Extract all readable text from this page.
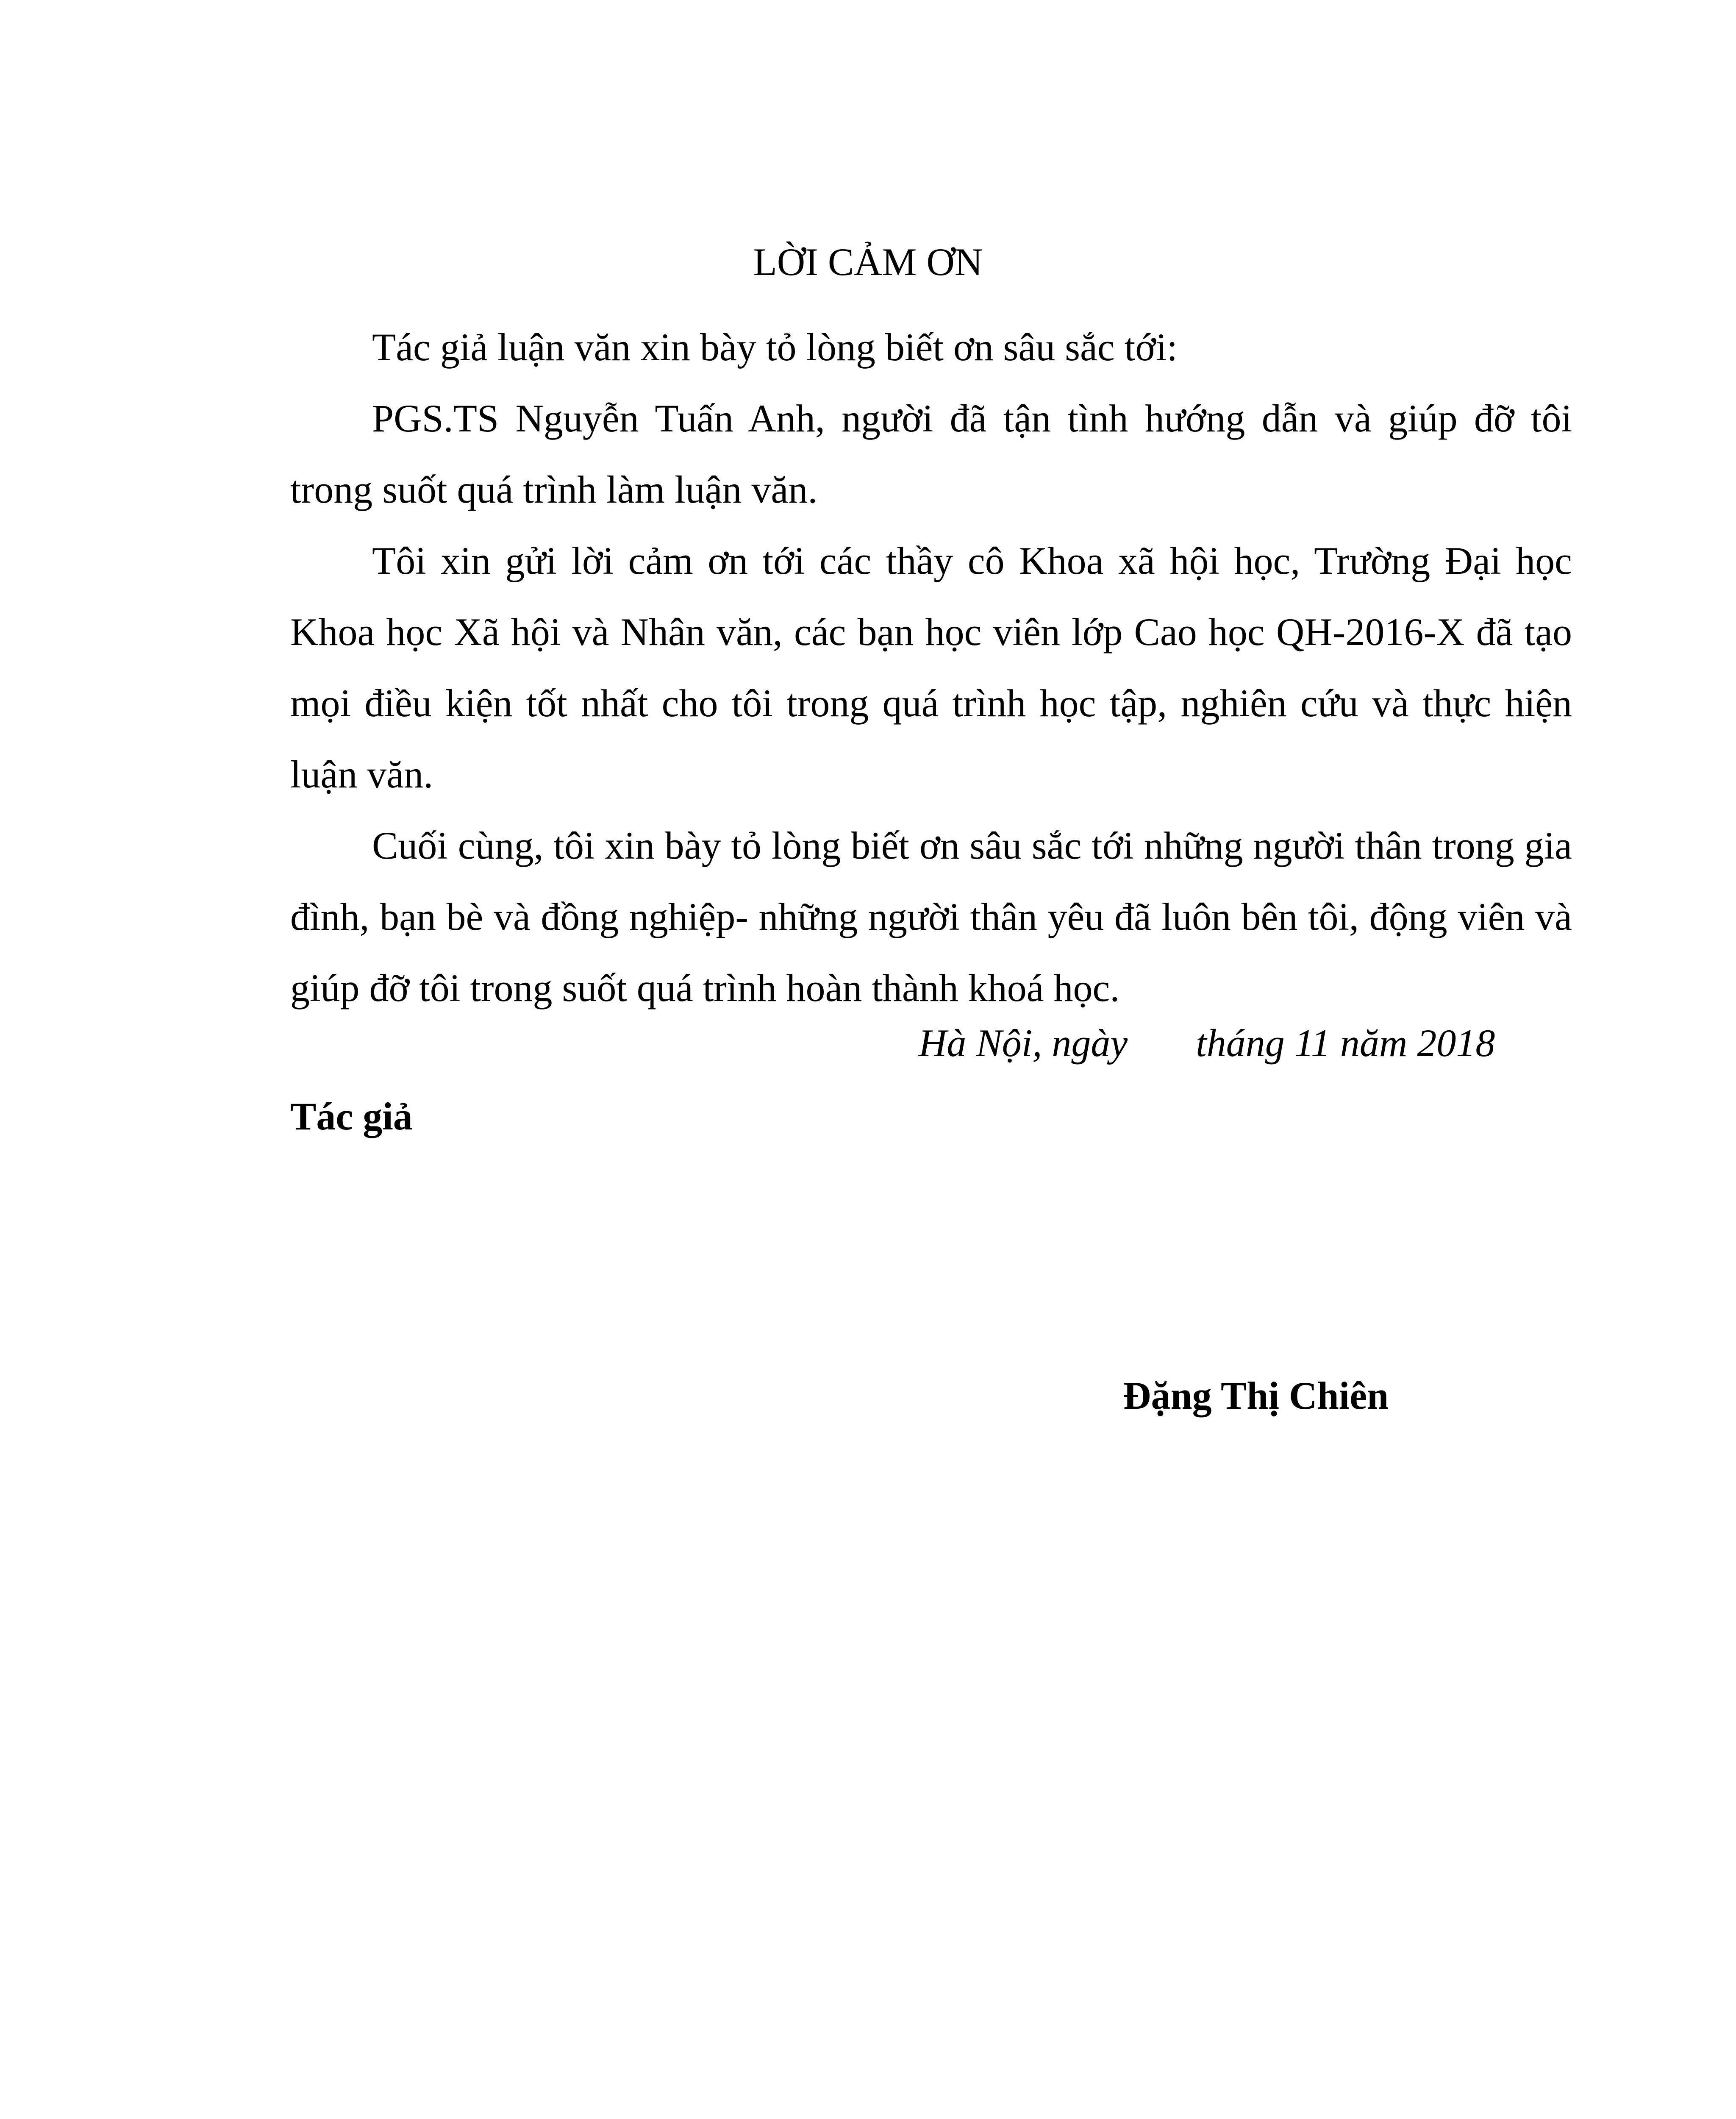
LỜI CẢM ƠN

Tác giả luận văn xin bày tỏ lòng biết ơn sâu sắc tới:

PGS.TS Nguyễn Tuấn Anh, người đã tận tình hướng dẫn và giúp đỡ tôi trong suốt quá trình làm luận văn.

Tôi xin gửi lời cảm ơn tới các thầy cô Khoa xã hội học, Trường Đại học Khoa học Xã hội và Nhân văn, các bạn học viên lớp Cao học QH-2016-X đã tạo mọi điều kiện tốt nhất cho tôi trong quá trình học tập, nghiên cứu và thực hiện luận văn.

Cuối cùng, tôi xin bày tỏ lòng biết ơn sâu sắc tới những người thân trong gia đình, bạn bè và đồng nghiệp- những người thân yêu đã luôn bên tôi, động viên và giúp đỡ tôi trong suốt quá trình hoàn thành khoá học.

Hà Nội, ngày       tháng 11 năm 2018
Tác giả
Đặng Thị Chiên
